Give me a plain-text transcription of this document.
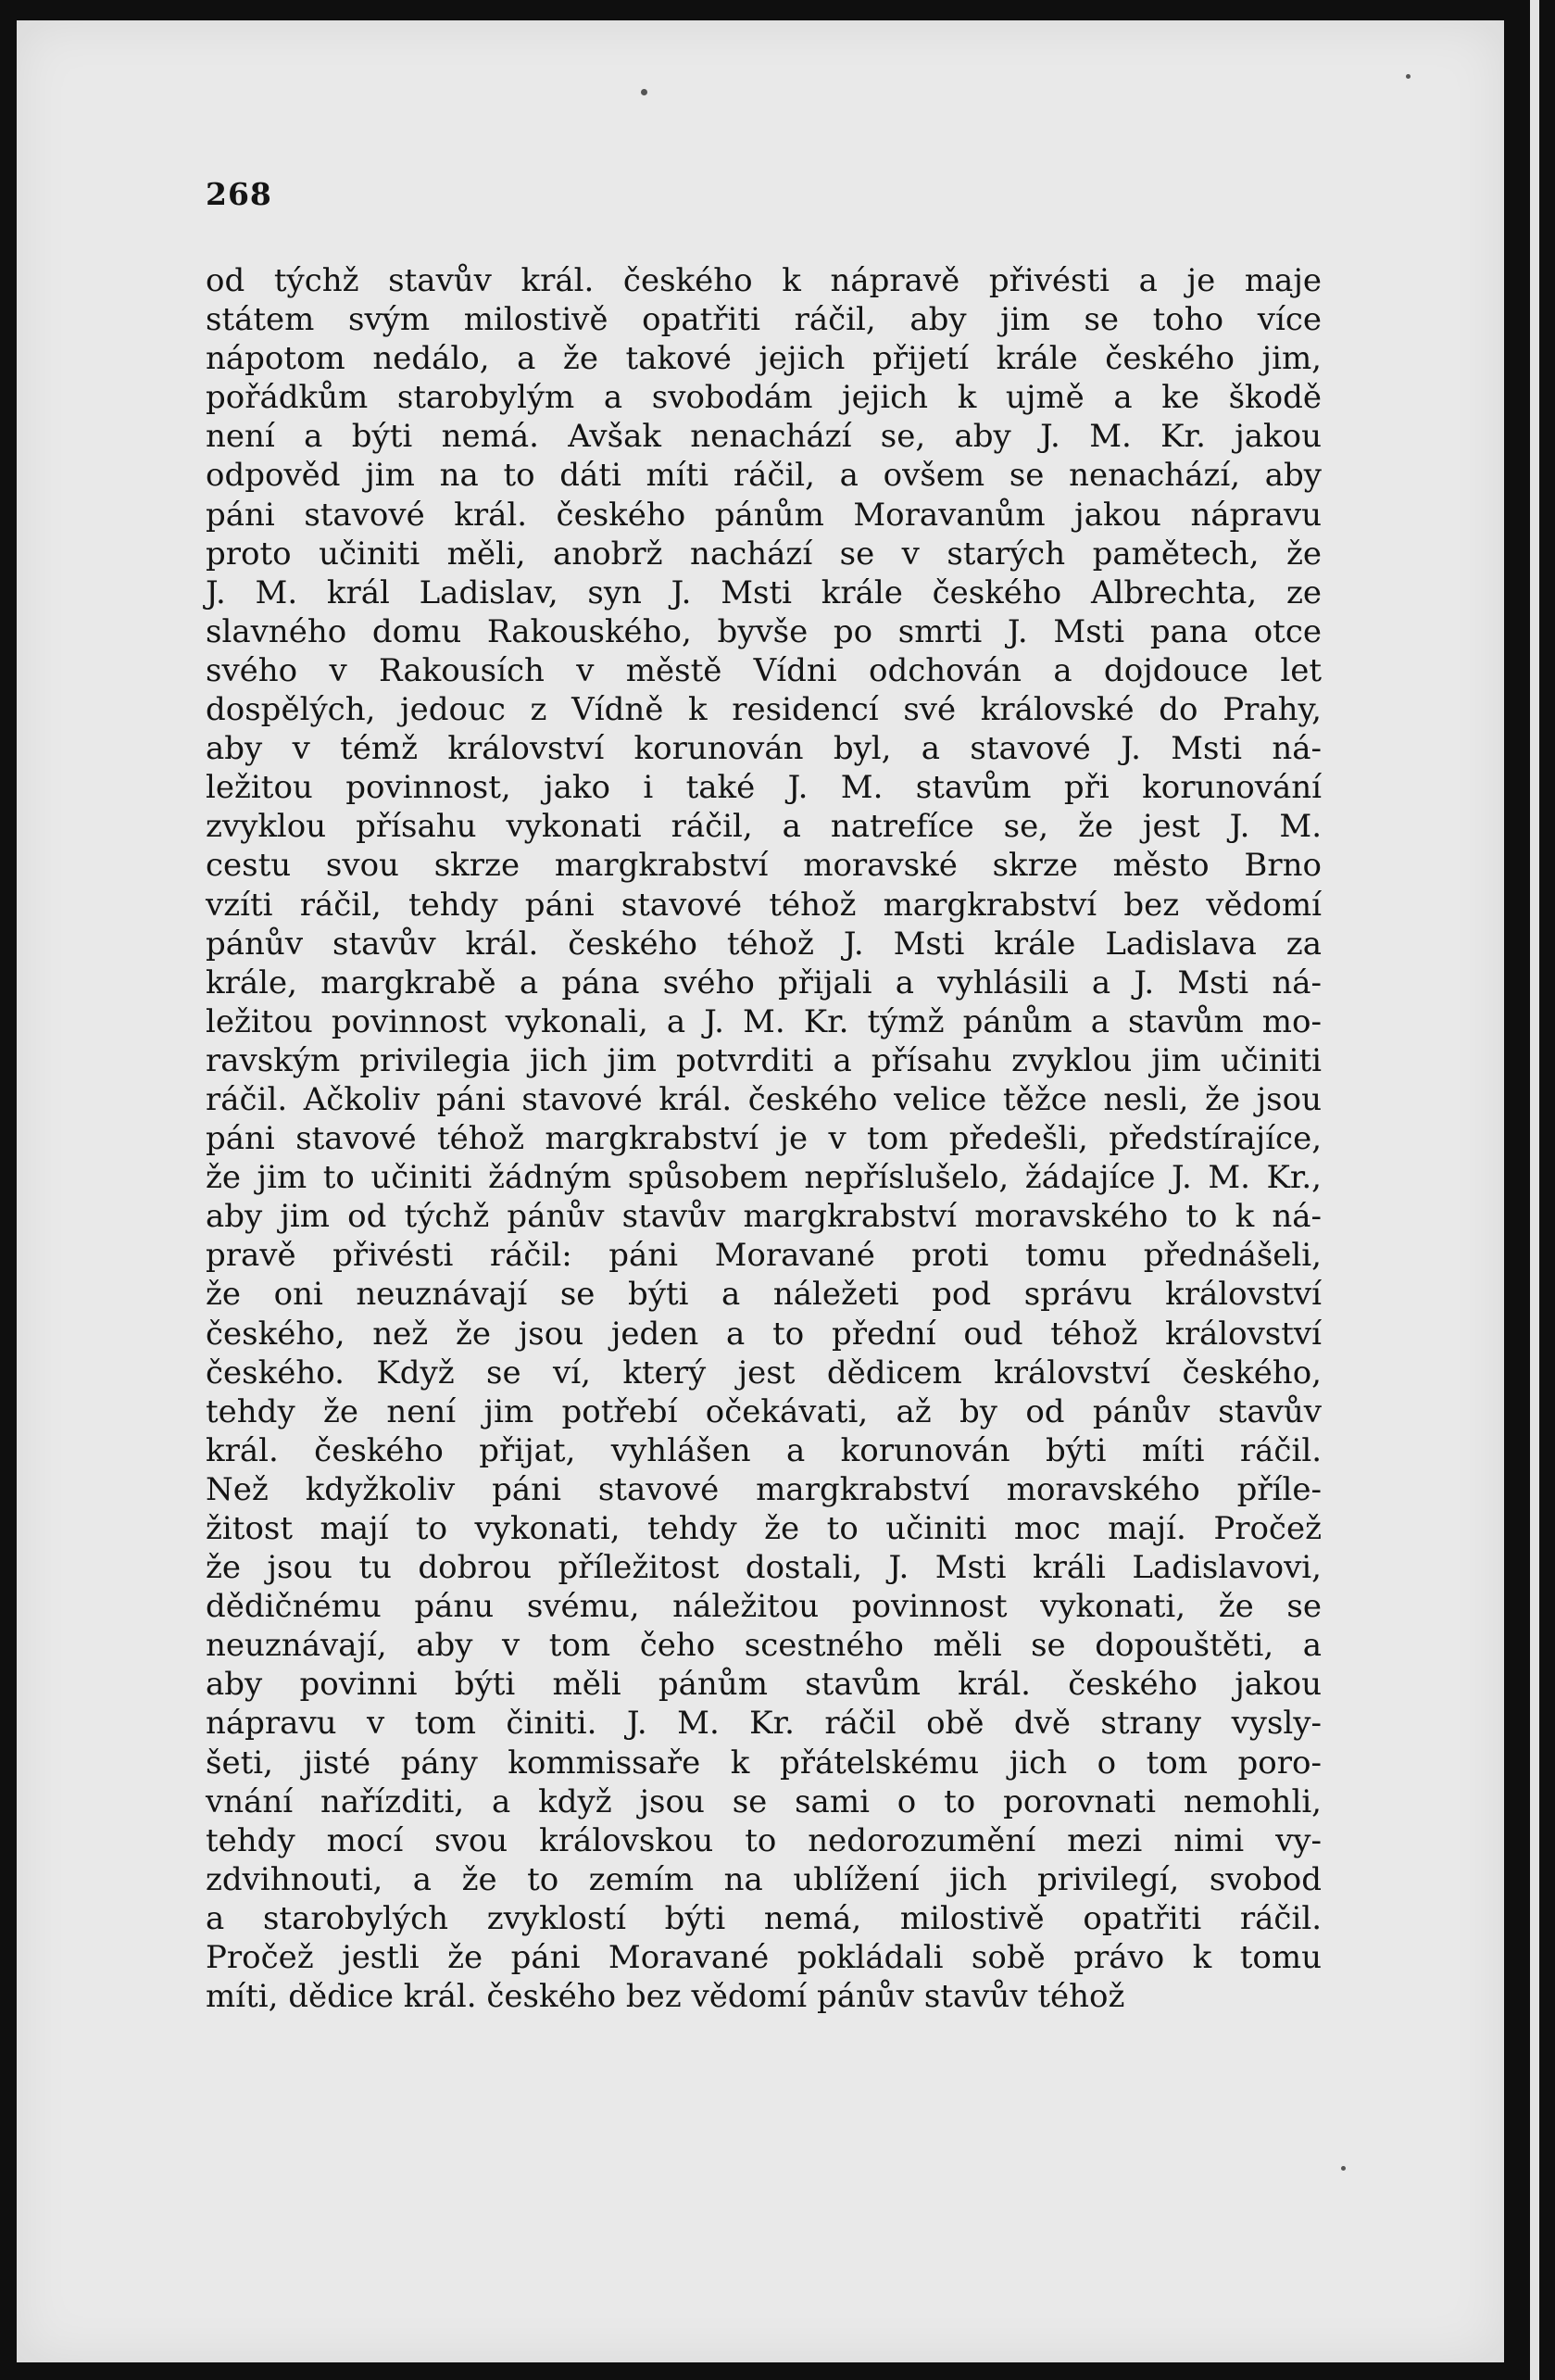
268
od týchž stavův král. českého k nápravě přivésti a je maje
státem svým milostivě opatřiti ráčil, aby jim se toho více
nápotom nedálo, a že takové jejich přijetí krále českého jim,
pořádkům starobylým a svobodám jejich k ujmě a ke škodě
není a býti nemá. Avšak nenachází se, aby J. M. Kr. jakou
odpověd jim na to dáti míti ráčil, a ovšem se nenachází, aby
páni stavové král. českého pánům Moravanům jakou nápravu
proto učiniti měli, anobrž nachází se v starých pamětech, že
J. M. král Ladislav, syn J. Msti krále českého Albrechta, ze
slavného domu Rakouského, byvše po smrti J. Msti pana otce
svého v Rakousích v městě Vídni odchován a dojdouce let
dospělých, jedouc z Vídně k residencí své královské do Prahy,
aby v témž království korunován byl, a stavové J. Msti ná-
ležitou povinnost, jako i také J. M. stavům při korunování
zvyklou přísahu vykonati ráčil, a natrefíce se, že jest J. M.
cestu svou skrze margkrabství moravské skrze město Brno
vzíti ráčil, tehdy páni stavové téhož margkrabství bez vědomí
pánův stavův král. českého téhož J. Msti krále Ladislava za
krále, margkrabě a pána svého přijali a vyhlásili a J. Msti ná-
ležitou povinnost vykonali, a J. M. Kr. týmž pánům a stavům mo-
ravským privilegia jich jim potvrditi a přísahu zvyklou jim učiniti
ráčil. Ačkoliv páni stavové král. českého velice těžce nesli, že jsou
páni stavové téhož margkrabství je v tom předešli, předstírajíce,
že jim to učiniti žádným spůsobem nepříslušelo, žádajíce J. M. Kr.,
aby jim od týchž pánův stavův margkrabství moravského to k ná-
pravě přivésti ráčil: páni Moravané proti tomu přednášeli,
že oni neuznávají se býti a náležeti pod správu království
českého, než že jsou jeden a to přední oud téhož království
českého. Když se ví, který jest dědicem království českého,
tehdy že není jim potřebí očekávati, až by od pánův stavův
král. českého přijat, vyhlášen a korunován býti míti ráčil.
Než kdyžkoliv páni stavové margkrabství moravského příle-
žitost mají to vykonati, tehdy že to učiniti moc mají. Pročež
že jsou tu dobrou příležitost dostali, J. Msti králi Ladislavovi,
dědičnému pánu svému, náležitou povinnost vykonati, že se
neuznávají, aby v tom čeho scestného měli se dopouštěti, a
aby povinni býti měli pánům stavům král. českého jakou
nápravu v tom činiti. J. M. Kr. ráčil obě dvě strany vysly-
šeti, jisté pány kommissaře k přátelskému jich o tom poro-
vnání nařízditi, a když jsou se sami o to porovnati nemohli,
tehdy mocí svou královskou to nedorozumění mezi nimi vy-
zdvihnouti, a že to zemím na ublížení jich privilegí, svobod
a starobylých zvyklostí býti nemá, milostivě opatřiti ráčil.
Pročež jestli že páni Moravané pokládali sobě právo k tomu
míti, dědice král. českého bez vědomí pánův stavův téhož
